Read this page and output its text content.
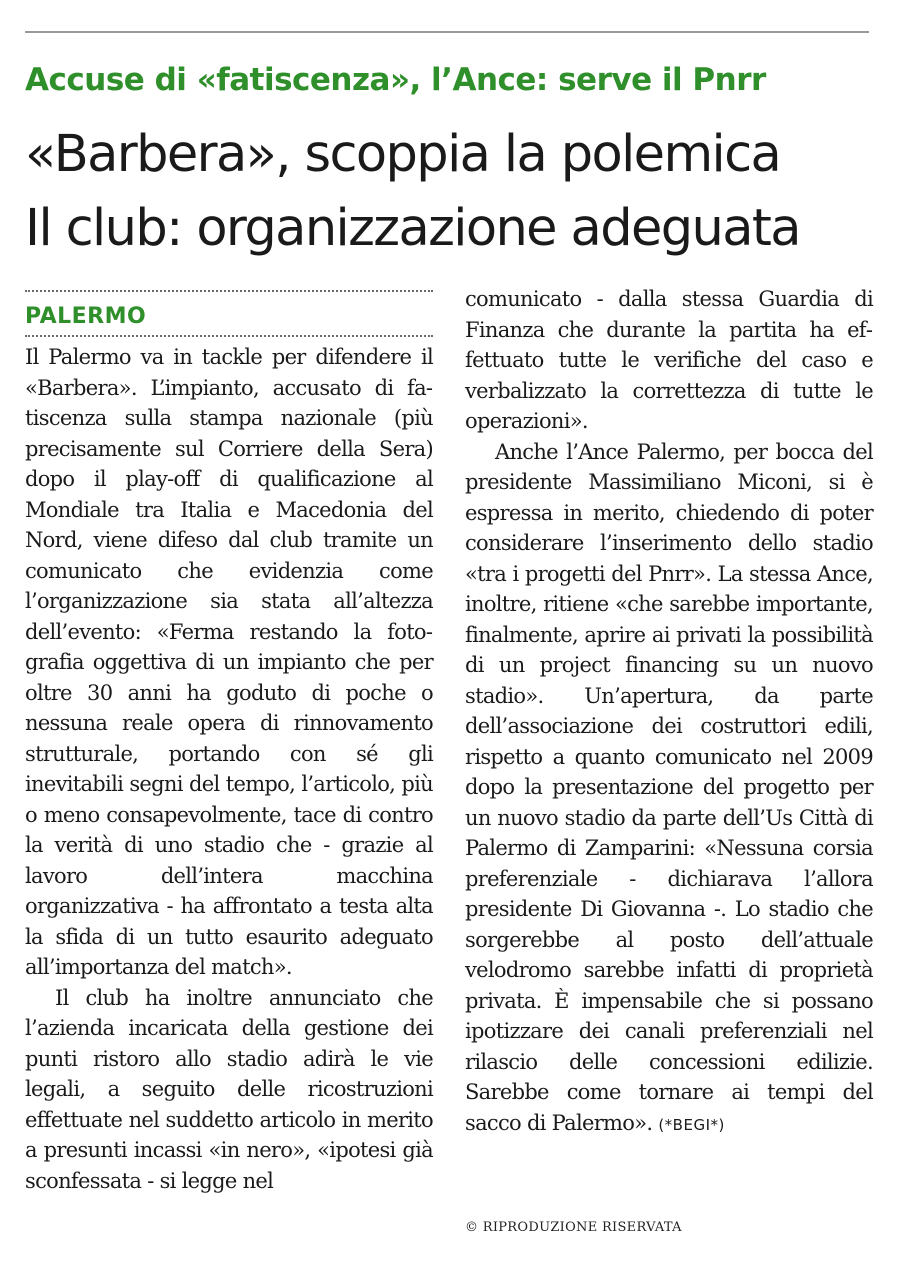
Accuse di «fatiscenza», l’Ance: serve il Pnrr
«Barbera», scoppia la polemica
Il club: organizzazione adeguata
PALERMO

Il Palermo va in tackle per difendere il «Barbera». L’impianto, accusato di fatiscenza sulla stampa nazionale (più precisamente sul Corriere della Sera) dopo il play-off di qualificazione al Mondiale tra Italia e Macedonia del Nord, viene difeso dal club tramite un comunicato che evidenzia come l’organizzazione sia stata all’altezza dell’evento: «Ferma restando la fotografia oggettiva di un impianto che per oltre 30 anni ha goduto di poche o nessuna reale opera di rinnovamento strutturale, portando con sé gli inevitabili segni del tempo, l’articolo, più o meno consapevolmente, tace di contro la verità di uno stadio che - grazie al lavoro dell’intera macchina organizzativa - ha affrontato a testa alta la sfida di un tutto esaurito adeguato all’importanza del match».

Il club ha inoltre annunciato che l’azienda incaricata della gestione dei punti ristoro allo stadio adirà le vie legali, a seguito delle ricostruzioni effettuate nel suddetto articolo in merito a presunti incassi «in nero», «ipotesi già sconfessata - si legge nel

comunicato - dalla stessa Guardia di Finanza che durante la partita ha effettuato tutte le verifiche del caso e verbalizzato la correttezza di tutte le operazioni».

Anche l’Ance Palermo, per bocca del presidente Massimiliano Miconi, si è espressa in merito, chiedendo di poter considerare l’inserimento dello stadio «tra i progetti del Pnrr». La stessa Ance, inoltre, ritiene «che sarebbe importante, finalmente, aprire ai privati la possibilità di un project financing su un nuovo stadio». Un’apertura, da parte dell’associazione dei costruttori edili, rispetto a quanto comunicato nel 2009 dopo la presentazione del progetto per un nuovo stadio da parte dell’Us Città di Palermo di Zamparini: «Nessuna corsia preferenziale - dichiarava l’allora presidente Di Giovanna -. Lo stadio che sorgerebbe al posto dell’attuale velodromo sarebbe infatti di proprietà privata. È impensabile che si possano ipotizzare dei canali preferenziali nel rilascio delle concessioni edilizie. Sarebbe come tornare ai tempi del sacco di Palermo». (*BEGI*)

© RIPRODUZIONE RISERVATA
